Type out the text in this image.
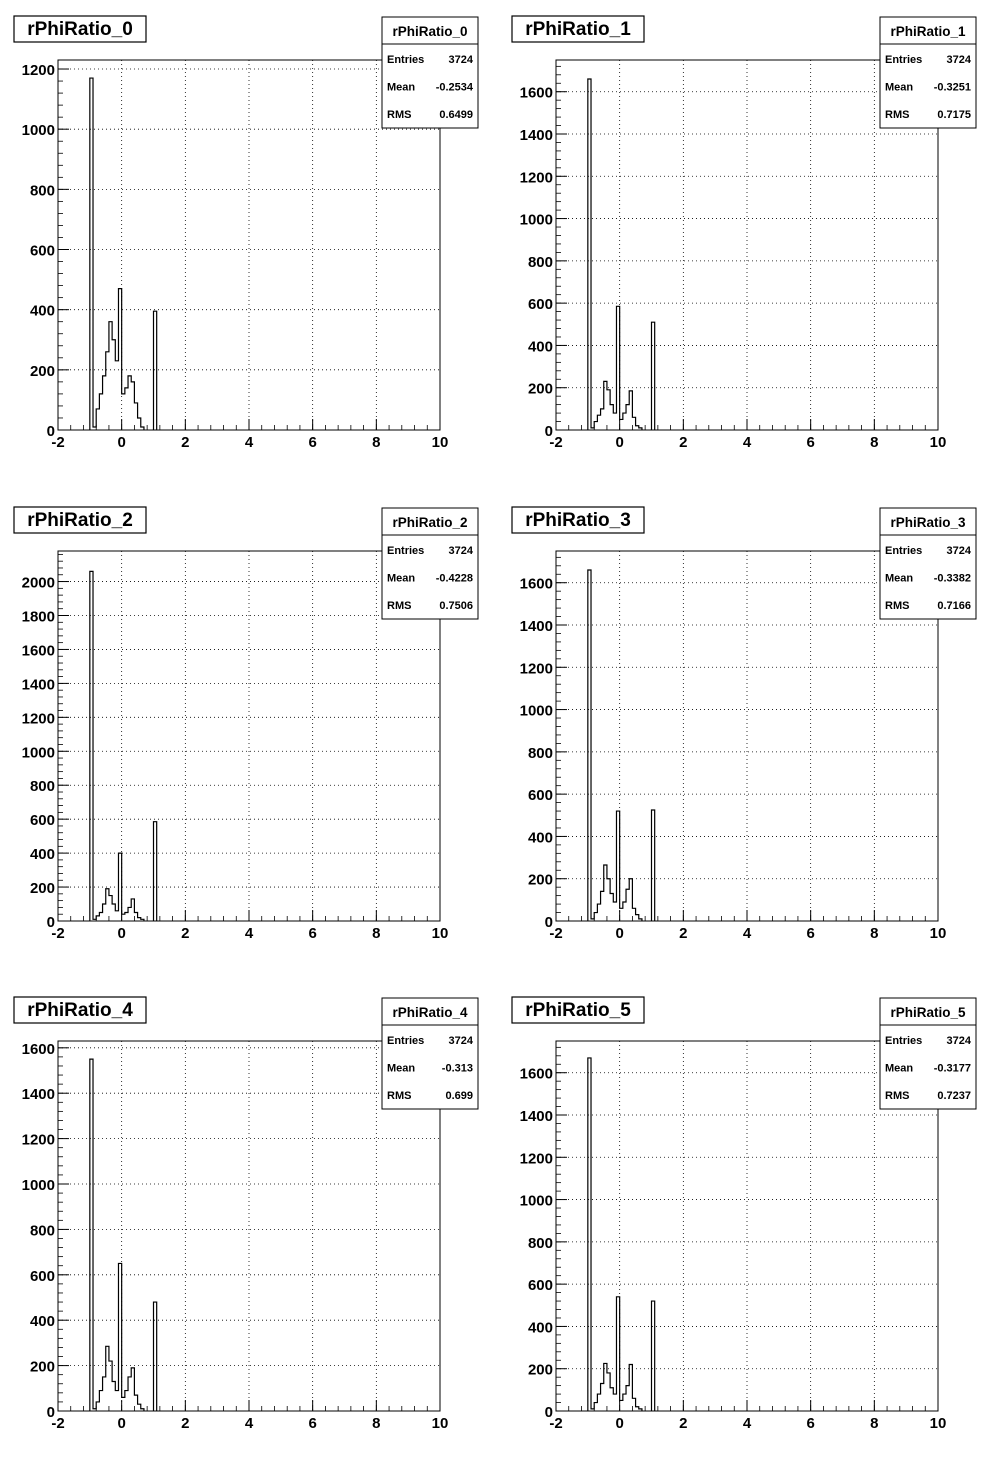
-2	0	2	4	6	8	10
0
200
400
600
800
1000
1200
rPhiRatio_0	rPhiRatio_0
Entries 3724
Mean -0.2534
RMS	0.6499
-2	0	2	4	6	8	10
0
200
400
600
800
1000
1200
1400
1600
rPhiRatio_1	rPhiRatio_1
Entries 3724
Mean -0.3251
RMS	0.7175
-2	0	2	4	6	8	10
0
200
400
600
800
1000
1200
1400
1600
1800
2000
rPhiRatio_2	rPhiRatio_2
Entries 3724
Mean -0.4228
RMS	0.7506
-2	0	2	4	6	8	10
0
200
400
600
800
1000
1200
1400
1600
rPhiRatio_3	rPhiRatio_3
Entries 3724
Mean -0.3382
RMS	0.7166
-2	0	2	4	6	8	10
0
200
400
600
800
1000
1200
1400
1600
rPhiRatio_4	rPhiRatio_4
Entries 3724
Mean -0.313
RMS	0.699
-2	0	2	4	6	8	10
0
200
400
600
800
1000
1200
1400
1600
rPhiRatio_5	rPhiRatio_5
Entries 3724
Mean -0.3177
RMS	0.7237
